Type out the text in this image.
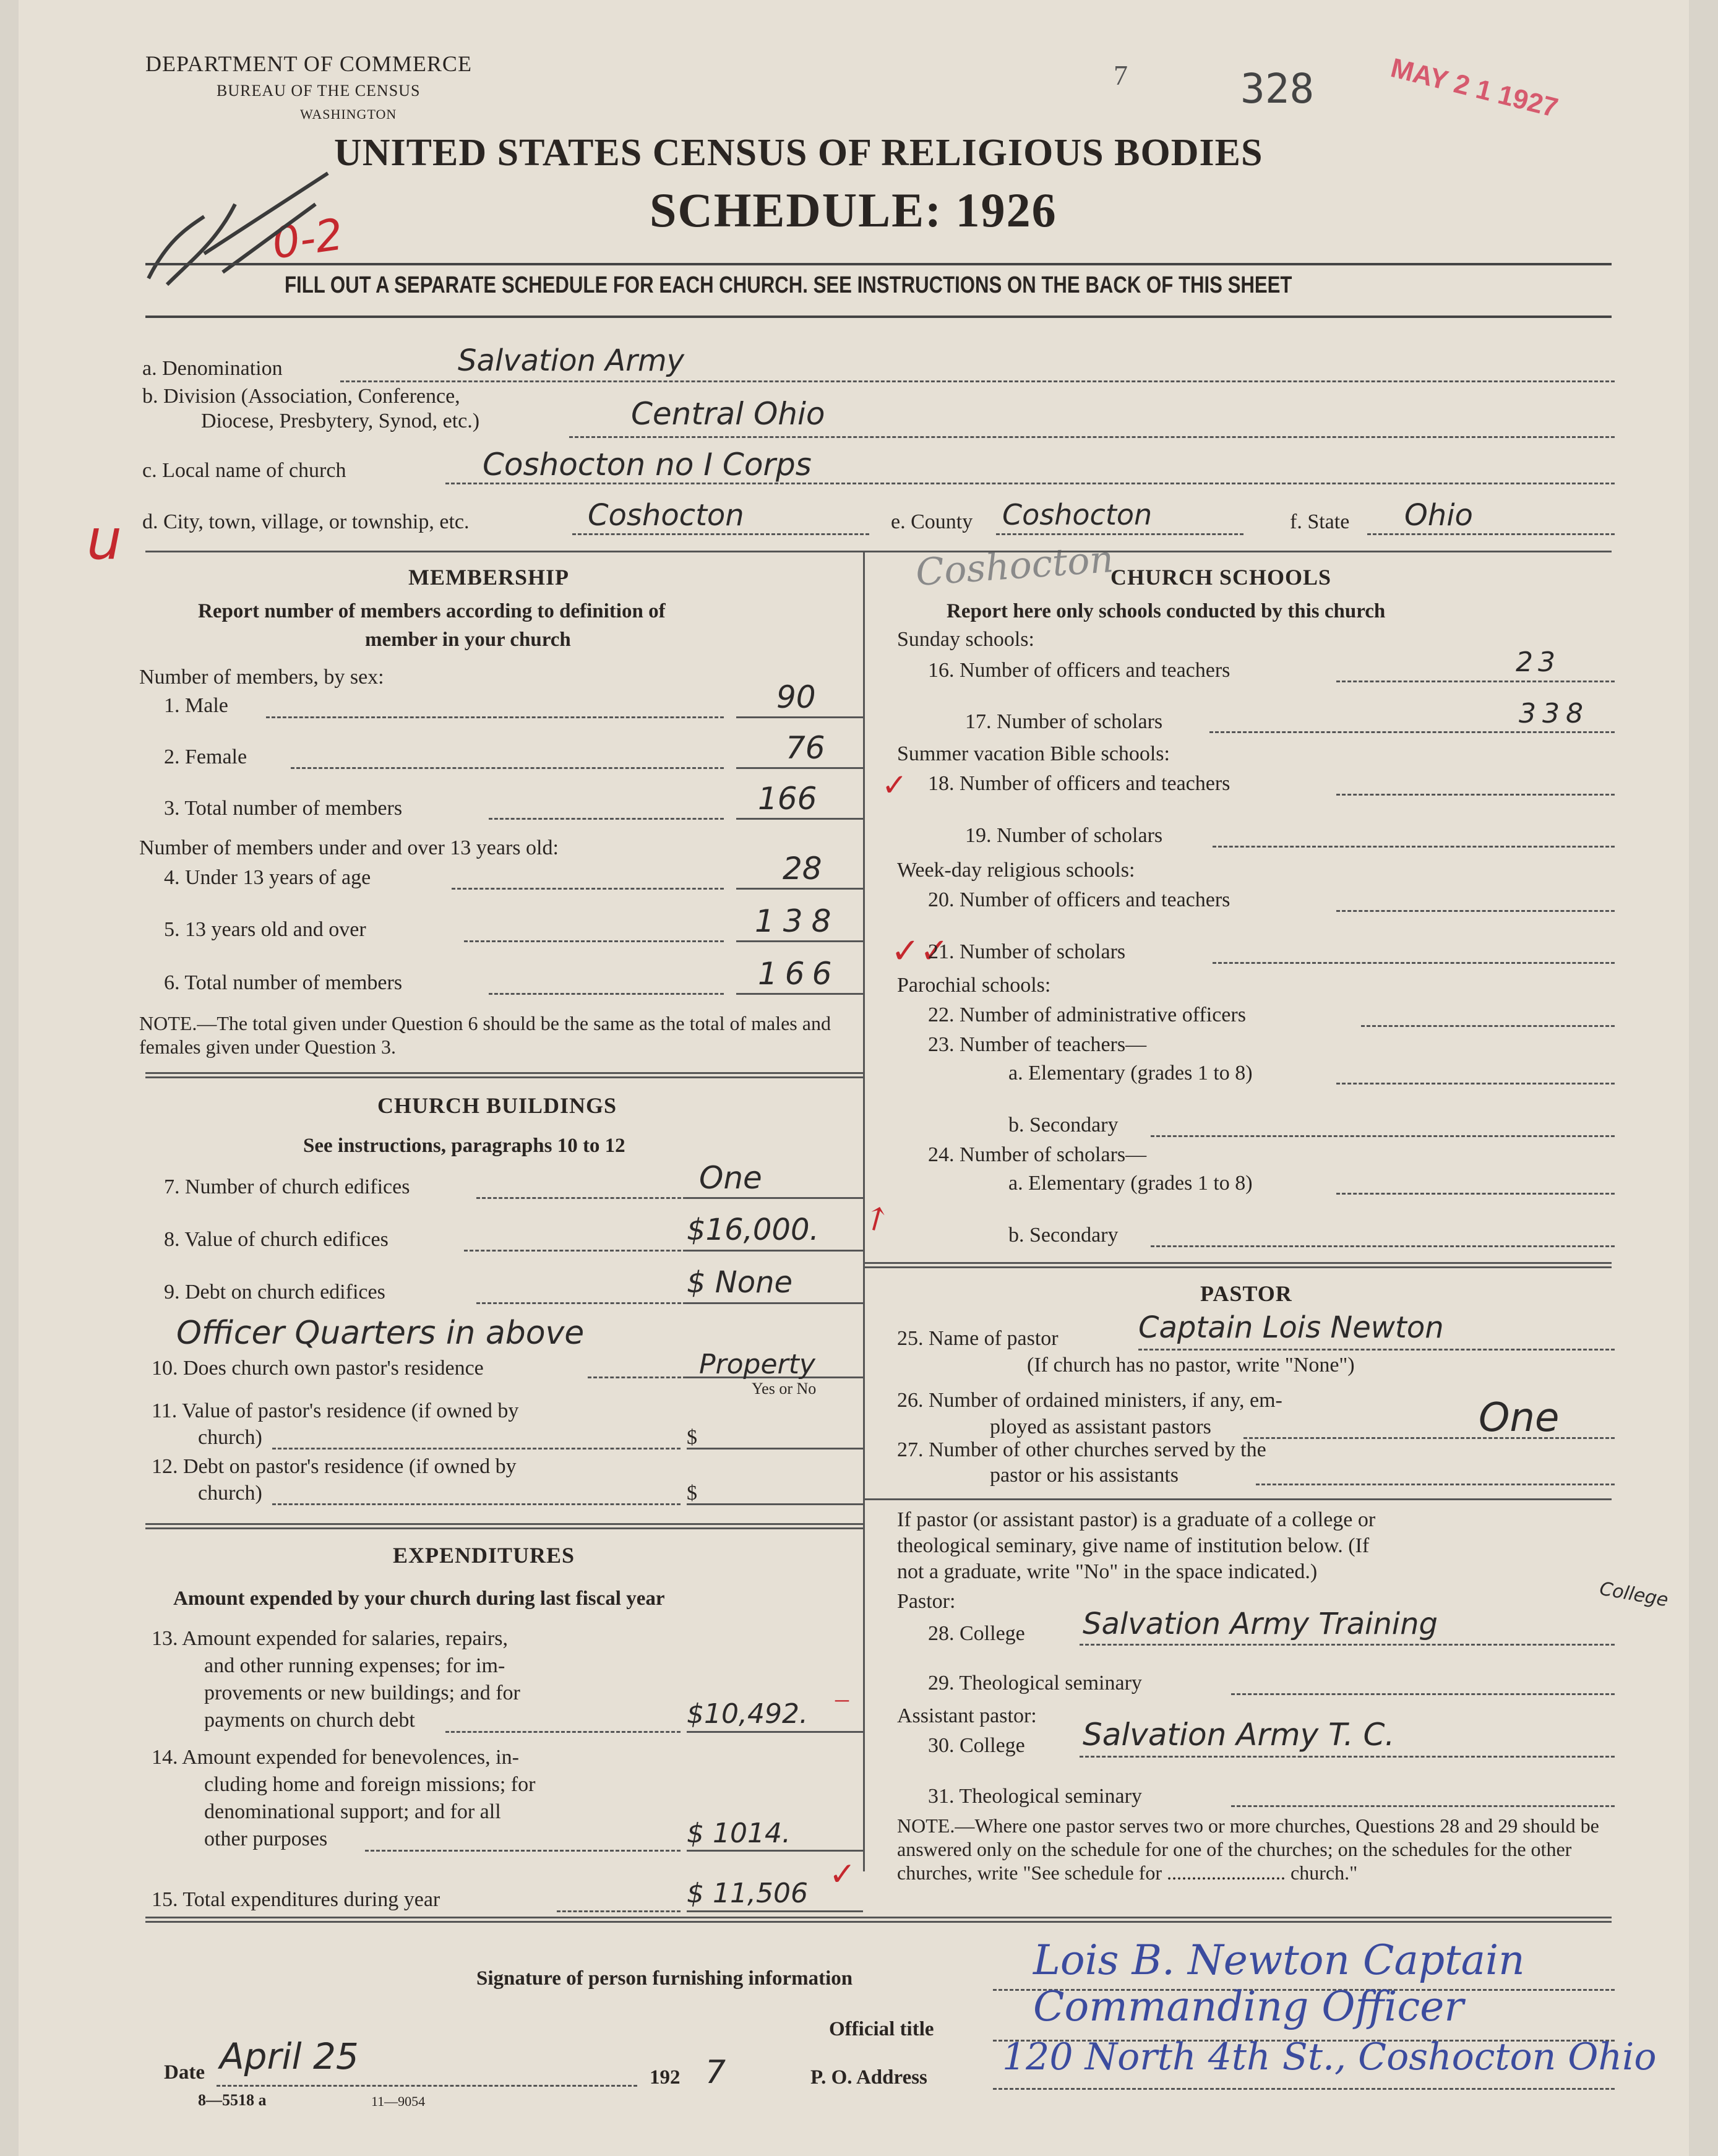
DEPARTMENT OF COMMERCE
BUREAU OF THE CENSUS
WASHINGTON
UNITED STATES CENSUS OF RELIGIOUS BODIES
SCHEDULE: 1926
328
7	MAY 2 1 1927
0-2
FILL OUT A SEPARATE SCHEDULE FOR EACH CHURCH. SEE INSTRUCTIONS ON THE BACK OF THIS SHEET
a. Denomination	Salvation Army
b. Division (Association, Conference,
Diocese, Presbytery, Synod, etc.)	Central Ohio
c. Local name of church	Coshocton no I Corps
u d. City, town, village, or township, etc.	Coshocton	e. County Coshocton
Coshocton
f. State Ohio
MEMBERSHIP
Report number of members according to definition of
member in your church
Number of members, by sex:
1. Male	90
2. Female	76
3. Total number of members	166 ✓
Number of members under and over 13 years old:
4. Under 13 years of age	28
5. 13 years old and over	138
6. Total number of members	166
✓✓
NOTE.—The total given under Question 6 should be the same as the total of males and females given under Question 3.
CHURCH BUILDINGS
See instructions, paragraphs 10 to 12
7. Number of church edifices	One
8. Value of church edifices	$16,000. ↗
9. Debt on church edifices	$ None
Officer Quarters in above
10. Does church own pastor's residence	Property
Yes or No
11. Value of pastor's residence (if owned by
church)	$
12. Debt on pastor's residence (if owned by
church)	$
EXPENDITURES
Amount expended by your church during last fiscal year
13. Amount expended for salaries, repairs,
and other running expenses; for im-
provements or new buildings; and for
payments on church debt	$10,492. –
14. Amount expended for benevolences, in-
cluding home and foreign missions; for
denominational support; and for all
other purposes	$ 1014.
15. Total expenditures during year	$ 11,506
✓
CHURCH SCHOOLS
Report here only schools conducted by this church
Sunday schools:
16. Number of officers and teachers	23
17. Number of scholars	338
Summer vacation Bible schools:
18. Number of officers and teachers
19. Number of scholars
Week-day religious schools:
20. Number of officers and teachers
21. Number of scholars
Parochial schools:
22. Number of administrative officers
23. Number of teachers—
a. Elementary (grades 1 to 8)
b. Secondary
24. Number of scholars—
a. Elementary (grades 1 to 8)
b. Secondary
PASTOR
25. Name of pastor	Captain Lois Newton
(If church has no pastor, write "None")
26. Number of ordained ministers, if any, em-
ployed as assistant pastors	One
27. Number of other churches served by the
pastor or his assistants
If pastor (or assistant pastor) is a graduate of a college or
theological seminary, give name of institution below. (If
not a graduate, write "No" in the space indicated.)
Pastor:
28. College Salvation Army Training
College
29. Theological seminary
Assistant pastor:
30. College Salvation Army T. C.
31. Theological seminary
NOTE.—Where one pastor serves two or more churches, Questions 28 and 29 should be answered only on the schedule for one of the churches; on the schedules for the other churches, write "See schedule for ........................ church."
Signature of person furnishing information	Lois B. Newton Captain
Official title Commanding Officer
Date April 25	192 7	P. O. Address 120 North 4th St., Coshocton Ohio
8—5518 a	11—9054
